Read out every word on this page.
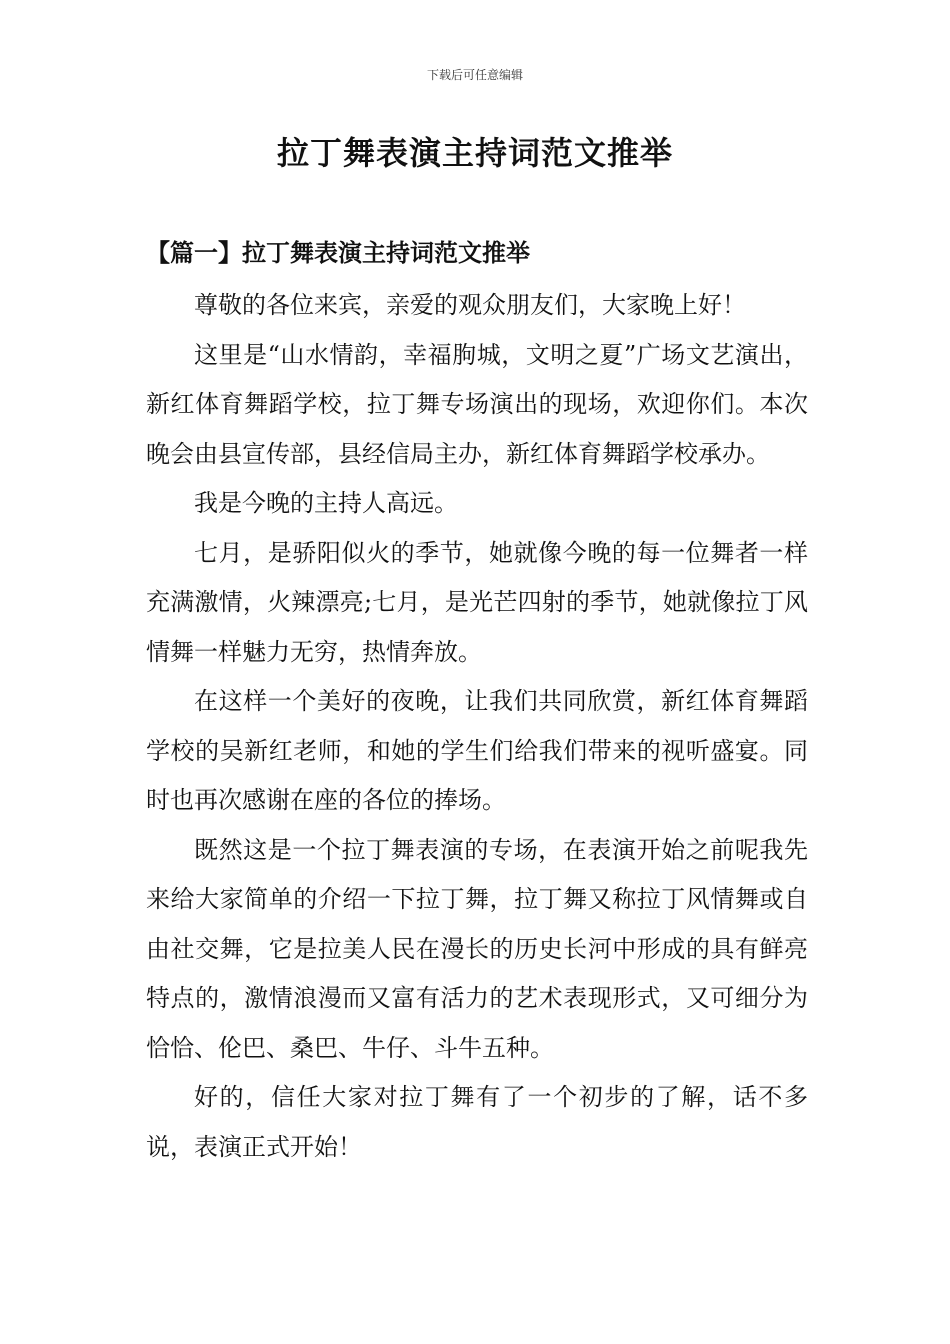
下载后可任意编辑
拉丁舞表演主持词范文推举
【篇一】拉丁舞表演主持词范文推举

尊敬的各位来宾，亲爱的观众朋友们，大家晚上好！

这里是“山水情韵，幸福朐城，文明之夏”广场文艺演出，新红体育舞蹈学校，拉丁舞专场演出的现场，欢迎你们。本次晚会由县宣传部，县经信局主办，新红体育舞蹈学校承办。

我是今晚的主持人高远。

七月，是骄阳似火的季节，她就像今晚的每一位舞者一样充满激情，火辣漂亮;七月，是光芒四射的季节，她就像拉丁风情舞一样魅力无穷，热情奔放。

在这样一个美好的夜晚，让我们共同欣赏，新红体育舞蹈学校的吴新红老师，和她的学生们给我们带来的视听盛宴。同时也再次感谢在座的各位的捧场。

既然这是一个拉丁舞表演的专场，在表演开始之前呢我先来给大家简单的介绍一下拉丁舞，拉丁舞又称拉丁风情舞或自由社交舞，它是拉美人民在漫长的历史长河中形成的具有鲜亮特点的，激情浪漫而又富有活力的艺术表现形式，又可细分为恰恰、伦巴、桑巴、牛仔、斗牛五种。

好的，信任大家对拉丁舞有了一个初步的了解，话不多说，表演正式开始！
